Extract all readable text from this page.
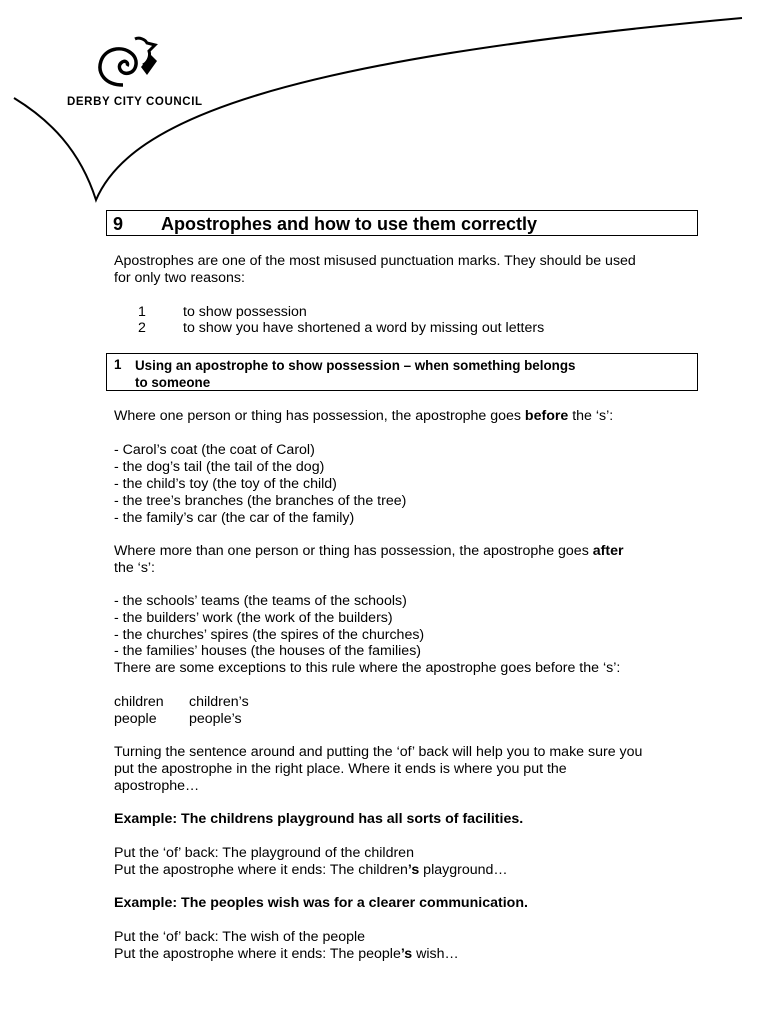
DERBY CITY COUNCIL
9 Apostrophes and how to use them correctly
Apostrophes are one of the most misused punctuation marks. They should be used
for only two reasons:
1	to show possession
2	to show you have shortened a word by missing out letters
1 Using an apostrophe to show possession – when something belongs
to someone
Where one person or thing has possession, the apostrophe goes before the ‘s’:
- Carol’s coat (the coat of Carol)
- the dog’s tail (the tail of the dog)
- the child’s toy (the toy of the child)
- the tree’s branches (the branches of the tree)
- the family’s car (the car of the family)
Where more than one person or thing has possession, the apostrophe goes after
the ‘s’:
- the schools’ teams (the teams of the schools)
- the builders’ work (the work of the builders)
- the churches’ spires (the spires of the churches)
- the families’ houses (the houses of the families)
There are some exceptions to this rule where the apostrophe goes before the ‘s’:
children children’s
people people’s
Turning the sentence around and putting the ‘of’ back will help you to make sure you
put the apostrophe in the right place. Where it ends is where you put the
apostrophe…
Example: The childrens playground has all sorts of facilities.
Put the ‘of’ back: The playground of the children
Put the apostrophe where it ends: The children’s playground…
Example: The peoples wish was for a clearer communication.
Put the ‘of’ back: The wish of the people
Put the apostrophe where it ends: The people’s wish…
